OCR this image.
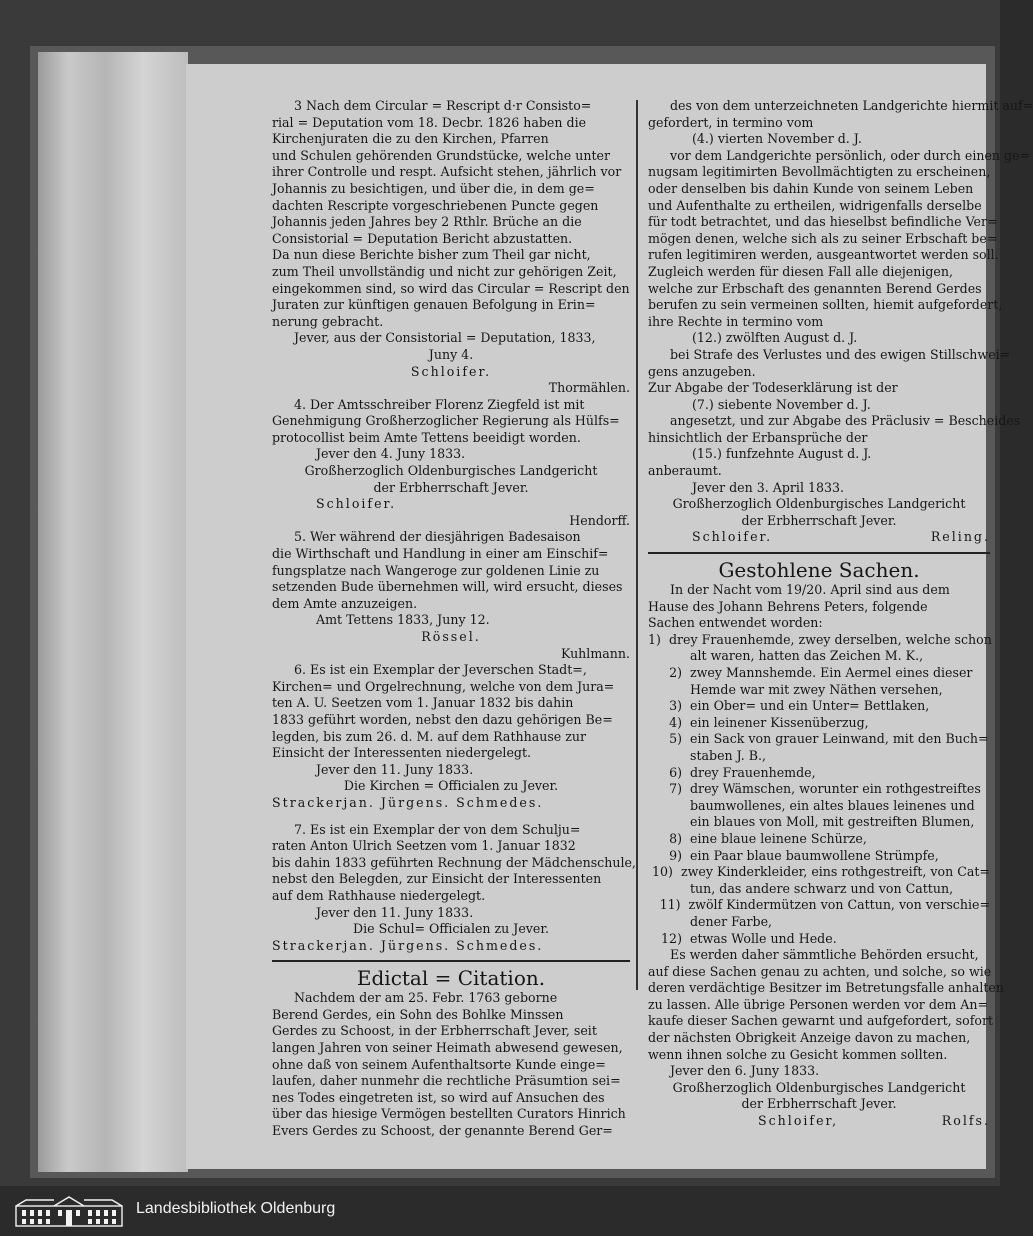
3 Nach dem Circular = Rescript d·r Consisto=

rial = Deputation vom 18. Decbr. 1826 haben die

Kirchenjuraten die zu den Kirchen, Pfarren

und Schulen gehörenden Grundstücke, welche unter

ihrer Controlle und respt. Aufsicht stehen, jährlich vor

Johannis zu besichtigen, und über die, in dem ge=

dachten Rescripte vorgeschriebenen Puncte gegen

Johannis jeden Jahres bey 2 Rthlr. Brüche an die

Consistorial = Deputation Bericht abzustatten.

Da nun diese Berichte bisher zum Theil gar nicht,

zum Theil unvollständig und nicht zur gehörigen Zeit,

eingekommen sind, so wird das Circular = Rescript den

Juraten zur künftigen genauen Befolgung in Erin=

nerung gebracht.

Jever, aus der Consistorial = Deputation, 1833,

Juny 4.

Schloifer.

Thormählen.

4. Der Amtsschreiber Florenz Ziegfeld ist mit

Genehmigung Großherzoglicher Regierung als Hülfs=

protocollist beim Amte Tettens beeidigt worden.

Jever den 4. Juny 1833.

Großherzoglich Oldenburgisches Landgericht

der Erbherrschaft Jever.

Schloifer.

Hendorff.

5. Wer während der diesjährigen Badesaison

die Wirthschaft und Handlung in einer am Einschif=

fungsplatze nach Wangeroge zur goldenen Linie zu

setzenden Bude übernehmen will, wird ersucht, dieses

dem Amte anzuzeigen.

Amt Tettens 1833, Juny 12.

Rössel.

Kuhlmann.

6. Es ist ein Exemplar der Jeverschen Stadt=,

Kirchen= und Orgelrechnung, welche von dem Jura=

ten A. U. Seetzen vom 1. Januar 1832 bis dahin

1833 geführt worden, nebst den dazu gehörigen Be=

legden, bis zum 26. d. M. auf dem Rathhause zur

Einsicht der Interessenten niedergelegt.

Jever den 11. Juny 1833.

Die Kirchen = Officialen zu Jever.

Strackerjan. Jürgens. Schmedes.

7. Es ist ein Exemplar der von dem Schulju=

raten Anton Ulrich Seetzen vom 1. Januar 1832

bis dahin 1833 geführten Rechnung der Mädchenschule,

nebst den Belegden, zur Einsicht der Interessenten

auf dem Rathhause niedergelegt.

Jever den 11. Juny 1833.

Die Schul= Officialen zu Jever.

Strackerjan. Jürgens. Schmedes.

Edictal = Citation.

Nachdem der am 25. Febr. 1763 geborne

Berend Gerdes, ein Sohn des Bohlke Minssen

Gerdes zu Schoost, in der Erbherrschaft Jever, seit

langen Jahren von seiner Heimath abwesend gewesen,

ohne daß von seinem Aufenthaltsorte Kunde einge=

laufen, daher nunmehr die rechtliche Präsumtion sei=

nes Todes eingetreten ist, so wird auf Ansuchen des

über das hiesige Vermögen bestellten Curators Hinrich

Evers Gerdes zu Schoost, der genannte Berend Ger=

des von dem unterzeichneten Landgerichte hiermit auf=

gefordert, in termino vom

(4.) vierten November d. J.

vor dem Landgerichte persönlich, oder durch einen ge=

nugsam legitimirten Bevollmächtigten zu erscheinen,

oder denselben bis dahin Kunde von seinem Leben

und Aufenthalte zu ertheilen, widrigenfalls derselbe

für todt betrachtet, und das hieselbst befindliche Ver=

mögen denen, welche sich als zu seiner Erbschaft be=

rufen legitimiren werden, ausgeantwortet werden soll.

Zugleich werden für diesen Fall alle diejenigen,

welche zur Erbschaft des genannten Berend Gerdes

berufen zu sein vermeinen sollten, hiemit aufgefordert,

ihre Rechte in termino vom

(12.) zwölften August d. J.

bei Strafe des Verlustes und des ewigen Stillschwei=

gens anzugeben.

Zur Abgabe der Todeserklärung ist der

(7.) siebente November d. J.

angesetzt, und zur Abgabe des Präclusiv = Bescheides

hinsichtlich der Erbansprüche der

(15.) funfzehnte August d. J.

anberaumt.

Jever den 3. April 1833.

Großherzoglich Oldenburgisches Landgericht

der Erbherrschaft Jever.

Schloifer.	Reling.

Gestohlene Sachen.

In der Nacht vom 19/20. April sind aus dem

Hause des Johann Behrens Peters, folgende

Sachen entwendet worden:

1) drey Frauenhemde, zwey derselben, welche schon

alt waren, hatten das Zeichen M. K.,

2) zwey Mannshemde. Ein Aermel eines dieser

Hemde war mit zwey Näthen versehen,

3) ein Ober= und ein Unter= Bettlaken,

4) ein leinener Kissenüberzug,

5) ein Sack von grauer Leinwand, mit den Buch=

staben J. B.,

6) drey Frauenhemde,

7) drey Wämschen, worunter ein rothgestreiftes

baumwollenes, ein altes blaues leinenes und

ein blaues von Moll, mit gestreiften Blumen,

8) eine blaue leinene Schürze,

9) ein Paar blaue baumwollene Strümpfe,

10) zwey Kinderkleider, eins rothgestreift, von Cat=

tun, das andere schwarz und von Cattun,

11) zwölf Kindermützen von Cattun, von verschie=

dener Farbe,

12) etwas Wolle und Hede.

Es werden daher sämmtliche Behörden ersucht,

auf diese Sachen genau zu achten, und solche, so wie

deren verdächtige Besitzer im Betretungsfalle anhalten

zu lassen. Alle übrige Personen werden vor dem An=

kaufe dieser Sachen gewarnt und aufgefordert, sofort

der nächsten Obrigkeit Anzeige davon zu machen,

wenn ihnen solche zu Gesicht kommen sollten.

Jever den 6. Juny 1833.

Großherzoglich Oldenburgisches Landgericht

der Erbherrschaft Jever.

Schloifer,	Rolfs.
Landesbibliothek Oldenburg
